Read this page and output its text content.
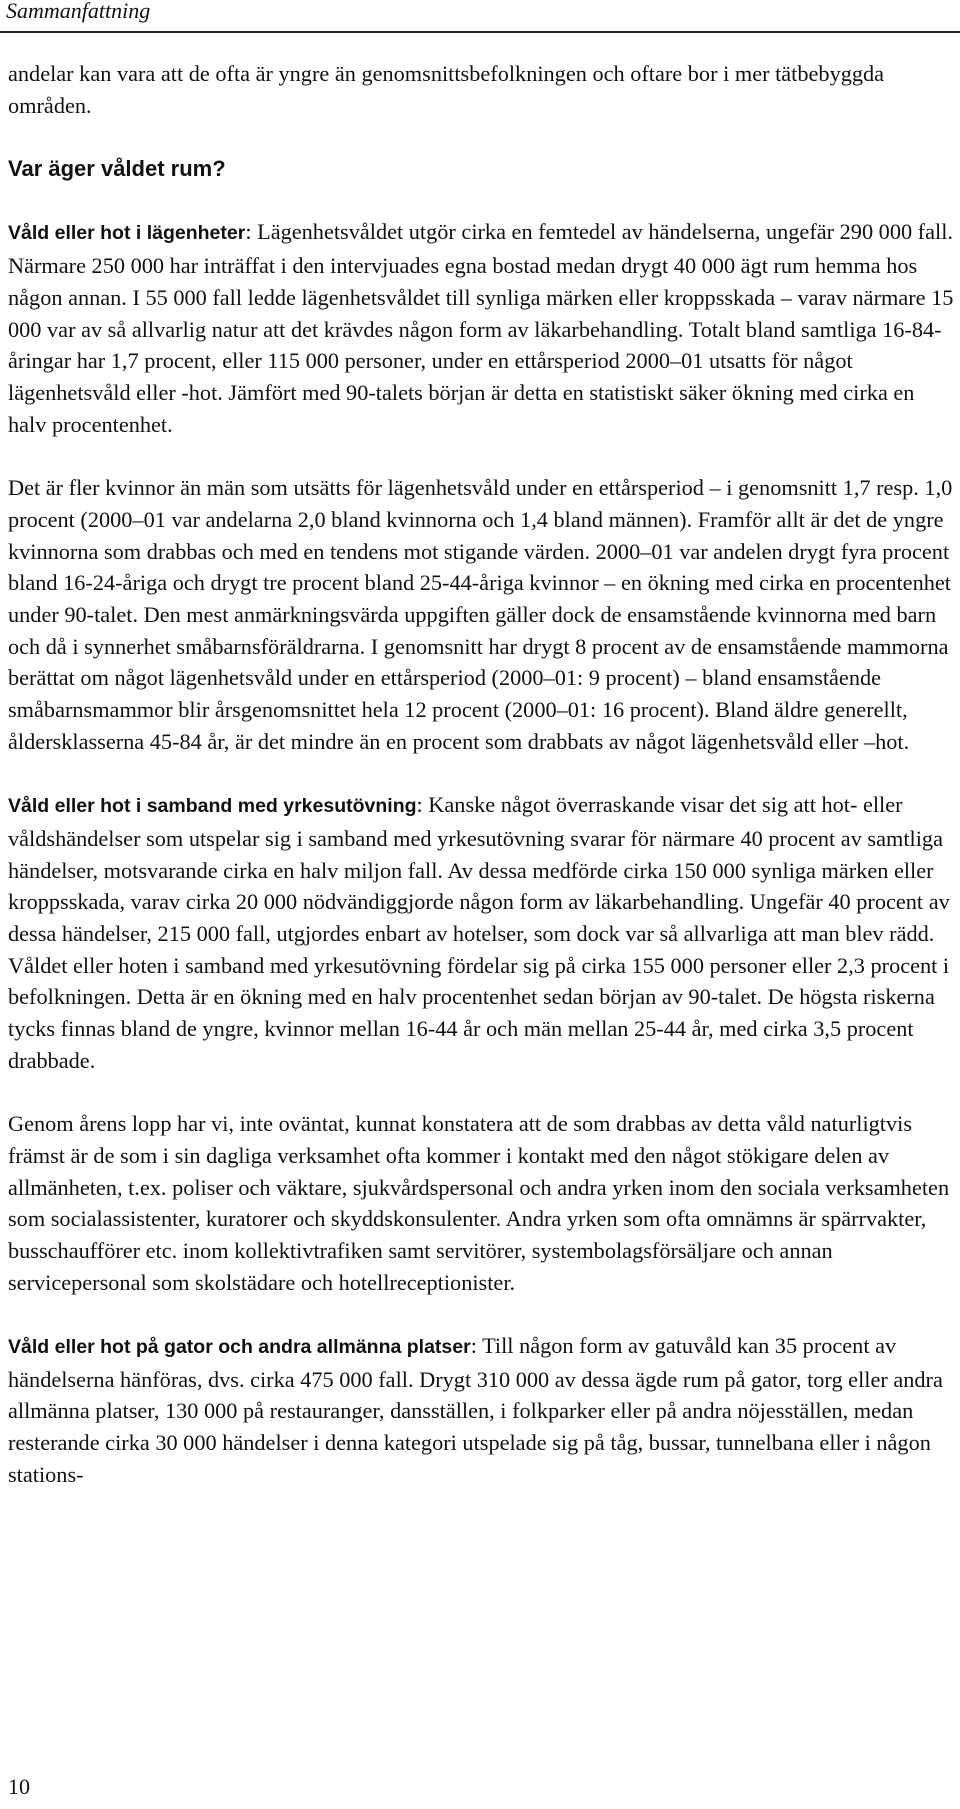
Sammanfattning

andelar kan vara att de ofta är yngre än genomsnittsbefolkningen och oftare bor i mer tätbebyggda områden.

Var äger våldet rum?

Våld eller hot i lägenheter: Lägenhetsvåldet utgör cirka en femtedel av händelserna, ungefär 290 000 fall. Närmare 250 000 har inträffat i den intervjuades egna bostad medan drygt 40 000 ägt rum hemma hos någon annan. I 55 000 fall ledde lägenhetsvåldet till synliga märken eller kroppsskada – varav närmare 15 000 var av så allvarlig natur att det krävdes någon form av läkarbehandling. Totalt bland samtliga 16-84-åringar har 1,7 procent, eller 115 000 personer, under en ettårsperiod 2000–01 utsatts för något lägenhetsvåld eller -hot. Jämfört med 90-talets början är detta en statistiskt säker ökning med cirka en halv procentenhet.

Det är fler kvinnor än män som utsätts för lägenhetsvåld under en ettårsperiod – i genomsnitt 1,7 resp. 1,0 procent (2000–01 var andelarna 2,0 bland kvinnorna och 1,4 bland männen). Framför allt är det de yngre kvinnorna som drabbas och med en tendens mot stigande värden. 2000–01 var andelen drygt fyra procent bland 16-24-åriga och drygt tre procent bland 25-44-åriga kvinnor – en ökning med cirka en procentenhet under 90-talet. Den mest anmärkningsvärda uppgiften gäller dock de ensamstående kvinnorna med barn och då i synnerhet småbarnsföräldrarna. I genomsnitt har drygt 8 procent av de ensamstående mammorna berättat om något lägenhetsvåld under en ettårsperiod (2000–01: 9 procent) – bland ensamstående småbarnsmammor blir årsgenomsnittet hela 12 procent (2000–01: 16 procent). Bland äldre generellt, åldersklasserna 45-84 år, är det mindre än en procent som drabbats av något lägenhetsvåld eller –hot.

Våld eller hot i samband med yrkesutövning: Kanske något överraskande visar det sig att hot- eller våldshändelser som utspelar sig i samband med yrkesutövning svarar för närmare 40 procent av samtliga händelser, motsvarande cirka en halv miljon fall. Av dessa medförde cirka 150 000 synliga märken eller kroppsskada, varav cirka 20 000 nödvändiggjorde någon form av läkarbehandling. Ungefär 40 procent av dessa händelser, 215 000 fall, utgjordes enbart av hotelser, som dock var så allvarliga att man blev rädd. Våldet eller hoten i samband med yrkesutövning fördelar sig på cirka 155 000 personer eller 2,3 procent i befolkningen. Detta är en ökning med en halv procentenhet sedan början av 90-talet. De högsta riskerna tycks finnas bland de yngre, kvinnor mellan 16-44 år och män mellan 25-44 år, med cirka 3,5 procent drabbade.

Genom årens lopp har vi, inte oväntat, kunnat konstatera att de som drabbas av detta våld naturligtvis främst är de som i sin dagliga verksamhet ofta kommer i kontakt med den något stökigare delen av allmänheten, t.ex. poliser och väktare, sjukvårdspersonal och andra yrken inom den sociala verksamheten som socialassistenter, kuratorer och skyddskonsulenter. Andra yrken som ofta omnämns är spärrvakter, busschaufförer etc. inom kollektivtrafiken samt servitörer, systembolagsförsäljare och annan servicepersonal som skolstädare och hotellreceptionister.

Våld eller hot på gator och andra allmänna platser: Till någon form av gatuvåld kan 35 procent av händelserna hänföras, dvs. cirka 475 000 fall. Drygt 310 000 av dessa ägde rum på gator, torg eller andra allmänna platser, 130 000 på restauranger, dansställen, i folkparker eller på andra nöjesställen, medan resterande cirka 30 000 händelser i denna kategori utspelade sig på tåg, bussar, tunnelbana eller i någon stations-

10
